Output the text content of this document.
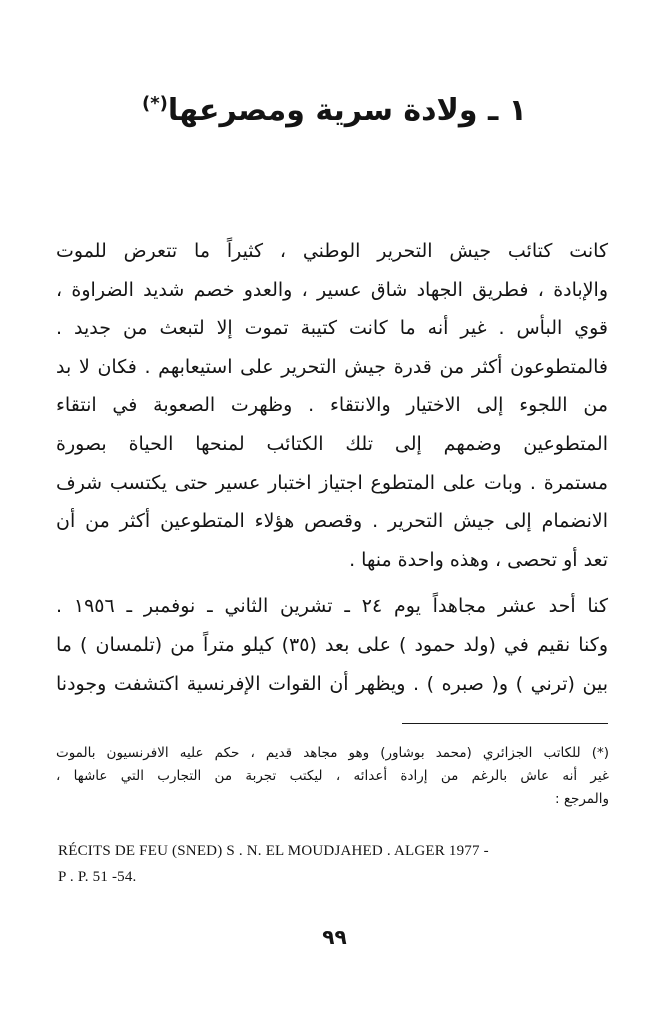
١ ـ ولادة سرية ومصرعها(*)

كانت كتائب جيش التحرير الوطني ، كثيراً ما تتعرض للموت
والإبادة ، فطريق الجهاد شاق عسير ، والعدو خصم شديد الضراوة ،
قوي البأس . غير أنه ما كانت كتيبة تموت إلا لتبعث من جديد .
فالمتطوعون أكثر من قدرة جيش التحرير على استيعابهم . فكان لا بد
من اللجوء إلى الاختيار والانتقاء . وظهرت الصعوبة في انتقاء
المتطوعين وضمهم إلى تلك الكتائب لمنحها الحياة بصورة
مستمرة . وبات على المتطوع اجتياز اختبار عسير حتى يكتسب شرف
الانضمام إلى جيش التحرير . وقصص هؤلاء المتطوعين أكثر من أن
تعد أو تحصى ، وهذه واحدة منها .

كنا أحد عشر مجاهداً يوم ٢٤ ـ تشرين الثاني ـ نوفمبر ـ ١٩٥٦ .
وكنا نقيم في (ولد حمود ) على بعد (٣٥) كيلو متراً من (تلمسان ) ما
بين (ترني ) و( صبره ) . ويظهر أن القوات الإفرنسية اكتشفت وجودنا

(*) للكاتب الجزائري (محمد بوشاور) وهو مجاهد قديم ، حكم عليه الافرنسيون بالموت
غير أنه عاش بالرغم من إرادة أعدائه ، ليكتب تجربة من التجارب التي عاشها ،
والمرجع :
RÉCITS DE FEU (SNED) S . N. EL MOUDJAHED . ALGER 1977 -
P . P. 51 -54.
٩٩
